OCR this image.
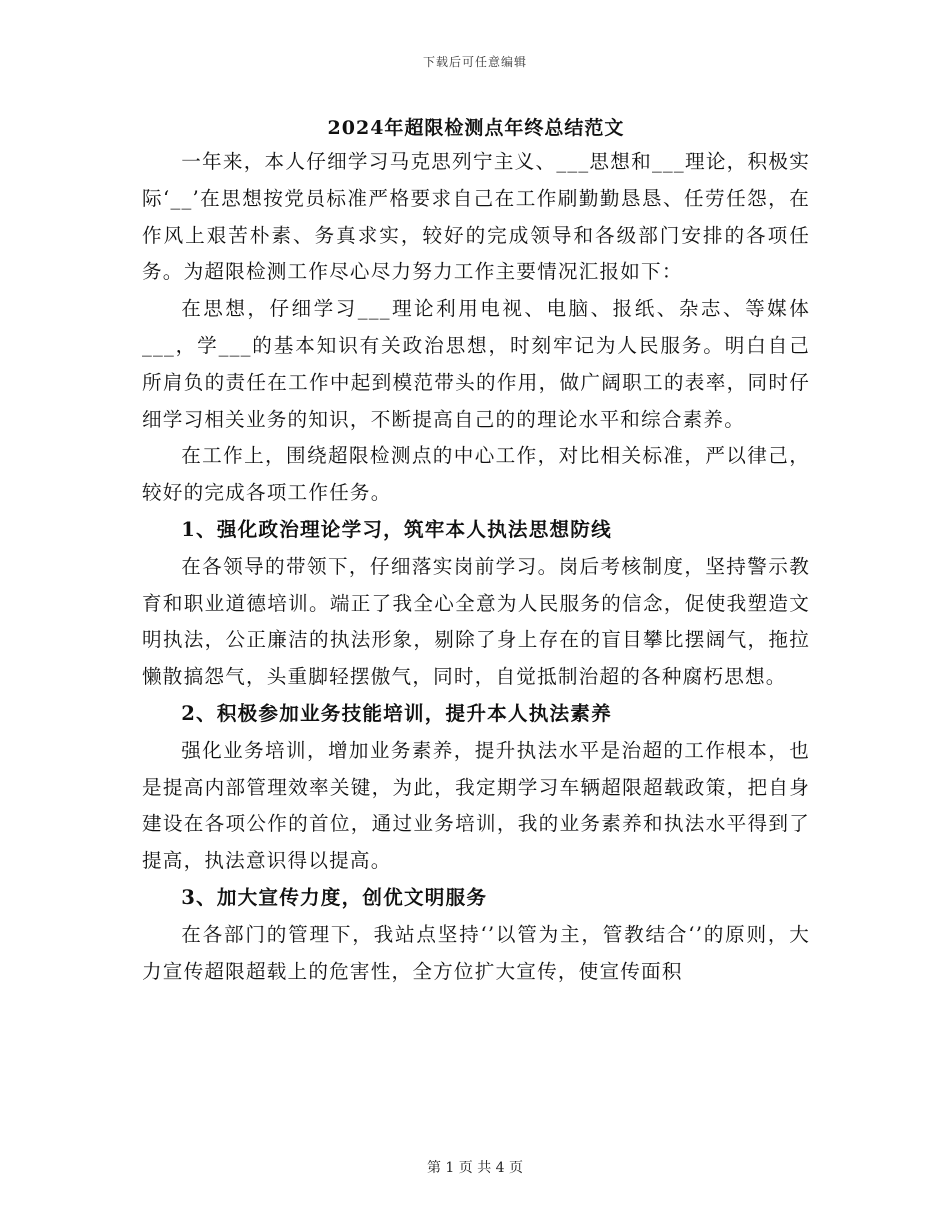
下载后可任意编辑
2024年超限检测点年终总结范文

一年来，本人仔细学习马克思列宁主义、___思想和___理论，积极实际‘__’在思想按党员标准严格要求自己在工作刷勤勤恳恳、任劳任怨，在作风上艰苦朴素、务真求实，较好的完成领导和各级部门安排的各项任务。为超限检测工作尽心尽力努力工作主要情况汇报如下：

在思想，仔细学习___理论利用电视、电脑、报纸、杂志、等媒体___，学___的基本知识有关政治思想，时刻牢记为人民服务。明白自己所肩负的责任在工作中起到模范带头的作用，做广阔职工的表率，同时仔细学习相关业务的知识，不断提高自己的的理论水平和综合素养。

在工作上，围绕超限检测点的中心工作，对比相关标准，严以律己，较好的完成各项工作任务。

1、强化政治理论学习，筑牢本人执法思想防线

在各领导的带领下，仔细落实岗前学习。岗后考核制度，坚持警示教育和职业道德培训。端正了我全心全意为人民服务的信念，促使我塑造文明执法，公正廉洁的执法形象，剔除了身上存在的盲目攀比摆阔气，拖拉懒散搞怨气，头重脚轻摆傲气，同时，自觉抵制治超的各种腐朽思想。

2、积极参加业务技能培训，提升本人执法素养

强化业务培训，增加业务素养，提升执法水平是治超的工作根本，也是提高内部管理效率关键，为此，我定期学习车辆超限超载政策，把自身建设在各项公作的首位，通过业务培训，我的业务素养和执法水平得到了提高，执法意识得以提高。

3、加大宣传力度，创优文明服务

在各部门的管理下，我站点坚持‘’以管为主，管教结合‘’的原则，大力宣传超限超载上的危害性，全方位扩大宣传，使宣传面积

第 1 页 共 4 页
